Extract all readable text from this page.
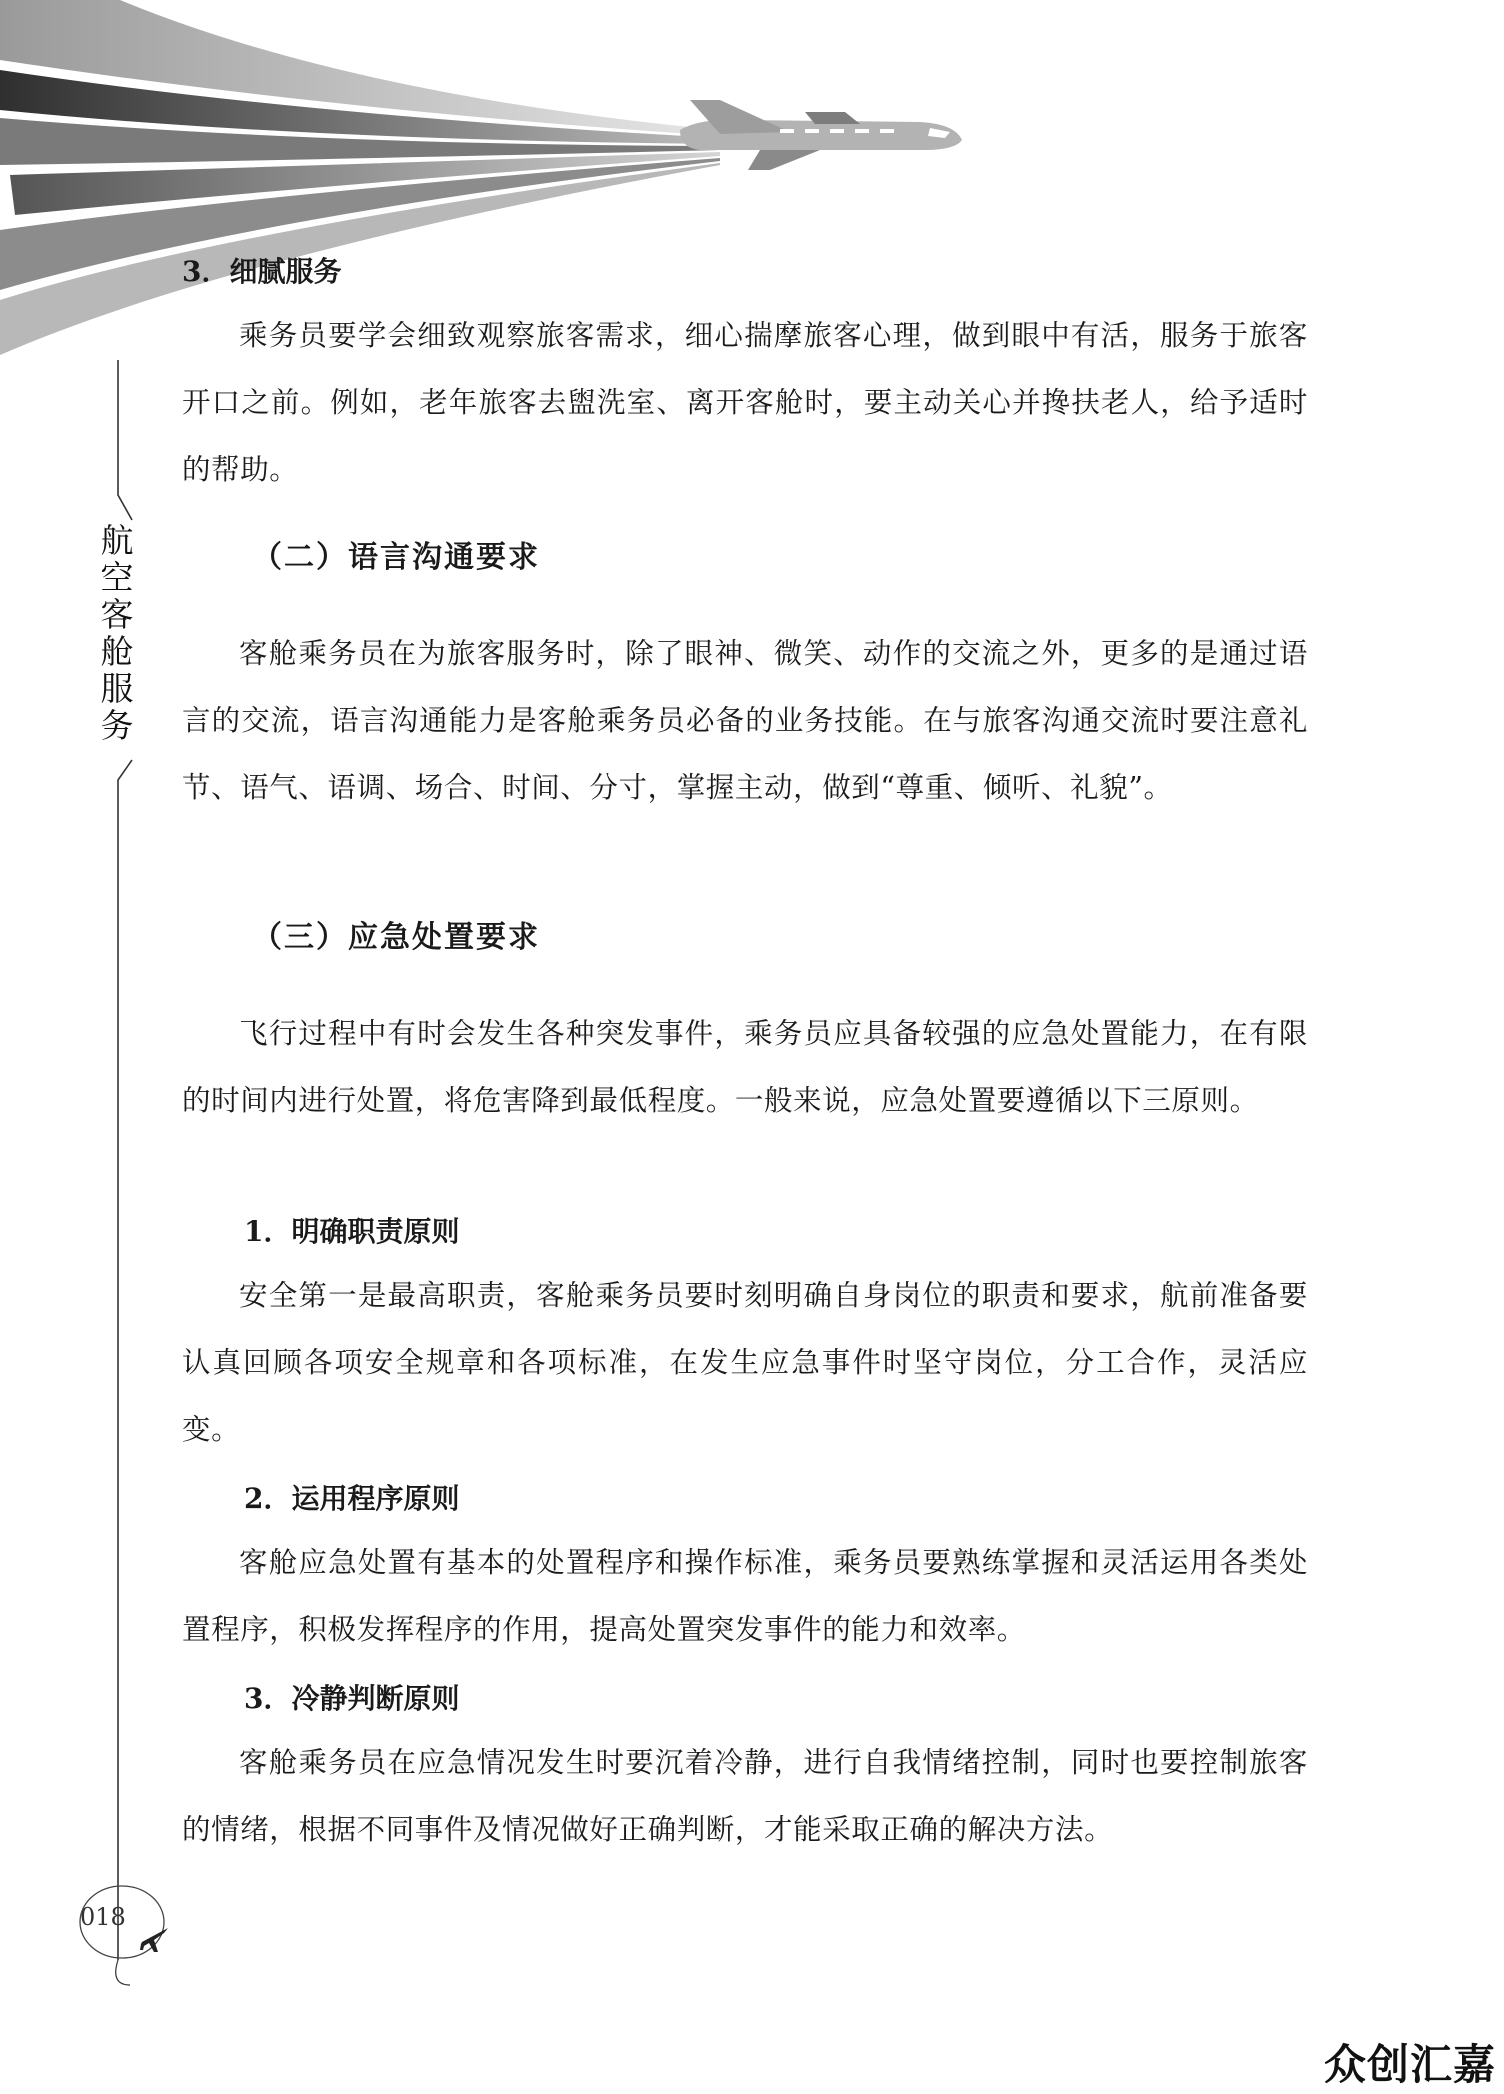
航
空
客
舱
服
务
3．细腻服务

乘务员要学会细致观察旅客需求，细心揣摩旅客心理，做到眼中有活，服务于旅客开口之前。例如，老年旅客去盥洗室、离开客舱时，要主动关心并搀扶老人，给予适时的帮助。

（二）语言沟通要求

客舱乘务员在为旅客服务时，除了眼神、微笑、动作的交流之外，更多的是通过语言的交流，语言沟通能力是客舱乘务员必备的业务技能。在与旅客沟通交流时要注意礼节、语气、语调、场合、时间、分寸，掌握主动，做到“尊重、倾听、礼貌”。

（三）应急处置要求

飞行过程中有时会发生各种突发事件，乘务员应具备较强的应急处置能力，在有限的时间内进行处置，将危害降到最低程度。一般来说，应急处置要遵循以下三原则。

1．明确职责原则

安全第一是最高职责，客舱乘务员要时刻明确自身岗位的职责和要求，航前准备要认真回顾各项安全规章和各项标准，在发生应急事件时坚守岗位，分工合作，灵活应变。

2．运用程序原则

客舱应急处置有基本的处置程序和操作标准，乘务员要熟练掌握和灵活运用各类处置程序，积极发挥程序的作用，提高处置突发事件的能力和效率。

3．冷静判断原则

客舱乘务员在应急情况发生时要沉着冷静，进行自我情绪控制，同时也要控制旅客的情绪，根据不同事件及情况做好正确判断，才能采取正确的解决方法。

018
众创汇嘉
